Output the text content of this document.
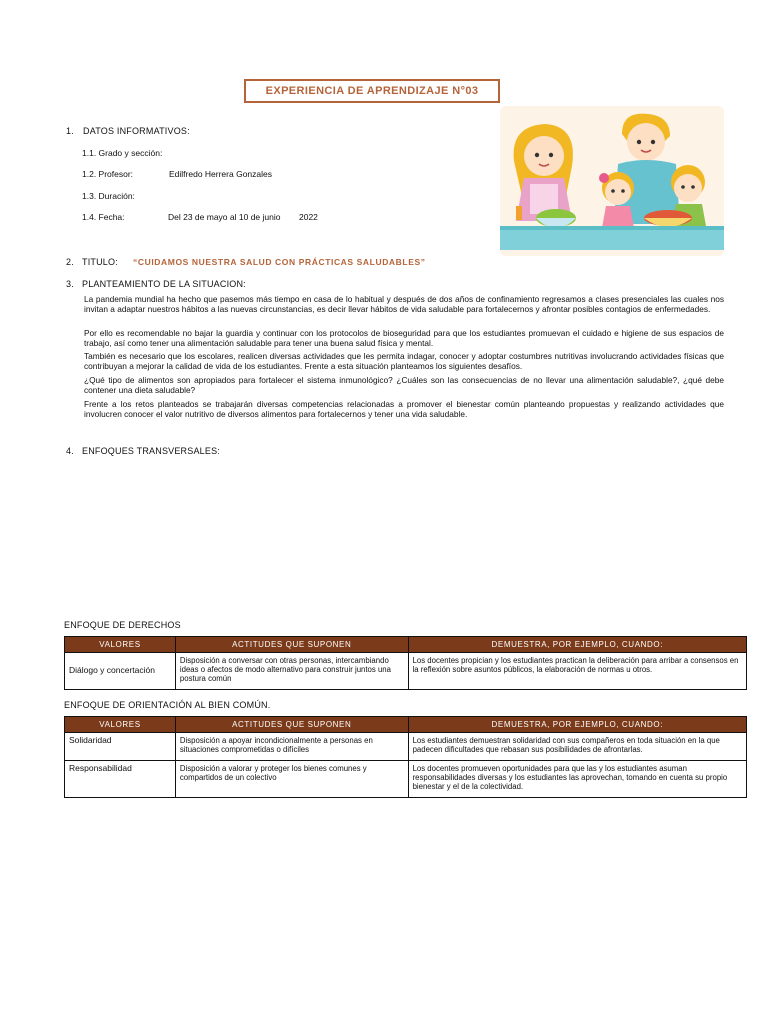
EXPERIENCIA DE APRENDIZAJE N°03
1. DATOS INFORMATIVOS:
1.1. Grado y sección:
1.2. Profesor:	Edilfredo Herrera Gonzales
1.3. Duración:
1.4. Fecha:	Del 23 de mayo al 10 de junio 2022
2. TITULO: “CUIDAMOS NUESTRA SALUD CON PRÁCTICAS SALUDABLES”
3. PLANTEAMIENTO DE LA SITUACION:
La pandemia mundial ha hecho que pasemos más tiempo en casa de lo habitual y después de dos años de confinamiento regresamos a clases presenciales las cuales nos invitan a adaptar nuestros hábitos a las nuevas circunstancias, es decir llevar hábitos de vida saludable para fortalecernos y afrontar posibles contagios de enfermedades.
Por ello es recomendable no bajar la guardia y continuar con los protocolos de bioseguridad para que los estudiantes promuevan el cuidado e higiene de sus espacios de trabajo, así como tener una alimentación saludable para tener una buena salud física y mental.
También es necesario que los escolares, realicen diversas actividades que les permita indagar, conocer y adoptar costumbres nutritivas involucrando actividades físicas que contribuyan a mejorar la calidad de vida de los estudiantes. Frente a esta situación planteamos los siguientes desafíos.
¿Qué tipo de alimentos son apropiados para fortalecer el sistema inmunológico? ¿Cuáles son las consecuencias de no llevar una alimentación saludable?, ¿qué debe contener una dieta saludable?
Frente a los retos planteados se trabajarán diversas competencias relacionadas a promover el bienestar común planteando propuestas y realizando actividades que involucren conocer el valor nutritivo de diversos alimentos para fortalecernos y tener una vida saludable.
4. ENFOQUES TRANSVERSALES:
ENFOQUE DE DERECHOS
VALORES	ACTITUDES QUE SUPONEN	DEMUESTRA, POR EJEMPLO, CUANDO:
Diálogo y concertación	Disposición a conversar con otras personas, intercambiando ideas o afectos de modo alternativo para construir juntos una postura común	Los docentes propician y los estudiantes practican la deliberación para arribar a consensos en la reflexión sobre asuntos públicos, la elaboración de normas u otros.
ENFOQUE DE ORIENTACIÓN AL BIEN COMÚN.
VALORES	ACTITUDES QUE SUPONEN	DEMUESTRA, POR EJEMPLO, CUANDO:
Solidaridad	Disposición a apoyar incondicionalmente a personas en situaciones comprometidas o difíciles	Los estudiantes demuestran solidaridad con sus compañeros en toda situación en la que padecen dificultades que rebasan sus posibilidades de afrontarlas.
Responsabilidad	Disposición a valorar y proteger los bienes comunes y compartidos de un colectivo	Los docentes promueven oportunidades para que las y los estudiantes asuman responsabilidades diversas y los estudiantes las aprovechan, tomando en cuenta su propio bienestar y el de la colectividad.
